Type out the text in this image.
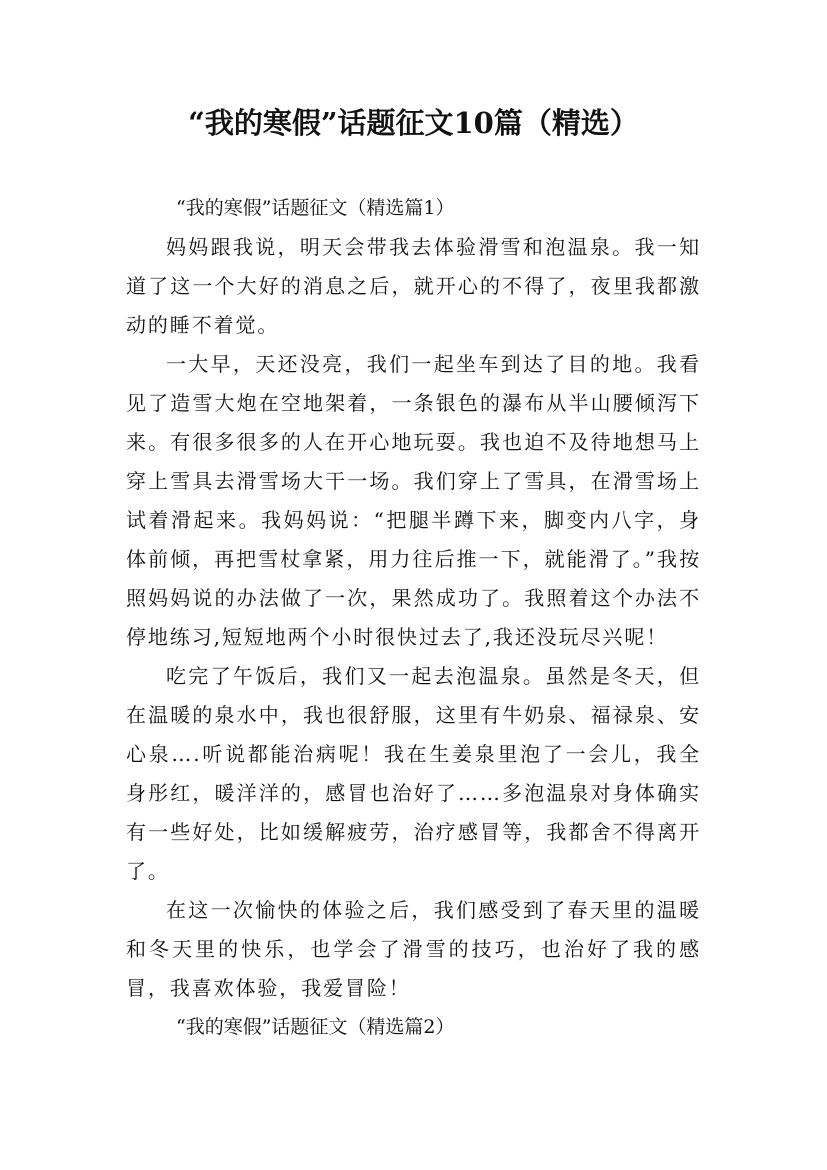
“我的寒假”话题征文10篇（精选）

“我的寒假”话题征文（精选篇1）

妈妈跟我说，明天会带我去体验滑雪和泡温泉。我一知道了这一个大好的消息之后，就开心的不得了，夜里我都激动的睡不着觉。

一大早，天还没亮，我们一起坐车到达了目的地。我看见了造雪大炮在空地架着，一条银色的瀑布从半山腰倾泻下来。有很多很多的人在开心地玩耍。我也迫不及待地想马上穿上雪具去滑雪场大干一场。我们穿上了雪具，在滑雪场上试着滑起来。我妈妈说：“把腿半蹲下来，脚变内八字，身体前倾，再把雪杖拿紧，用力往后推一下，就能滑了。”我按照妈妈说的办法做了一次，果然成功了。我照着这个办法不停地练习,短短地两个小时很快过去了,我还没玩尽兴呢！

吃完了午饭后，我们又一起去泡温泉。虽然是冬天，但在温暖的泉水中，我也很舒服，这里有牛奶泉、福禄泉、安心泉….听说都能治病呢！我在生姜泉里泡了一会儿，我全身彤红，暖洋洋的，感冒也治好了……多泡温泉对身体确实有一些好处，比如缓解疲劳，治疗感冒等，我都舍不得离开了。

在这一次愉快的体验之后，我们感受到了春天里的温暖和冬天里的快乐，也学会了滑雪的技巧，也治好了我的感冒，我喜欢体验，我爱冒险！

“我的寒假”话题征文（精选篇2）
